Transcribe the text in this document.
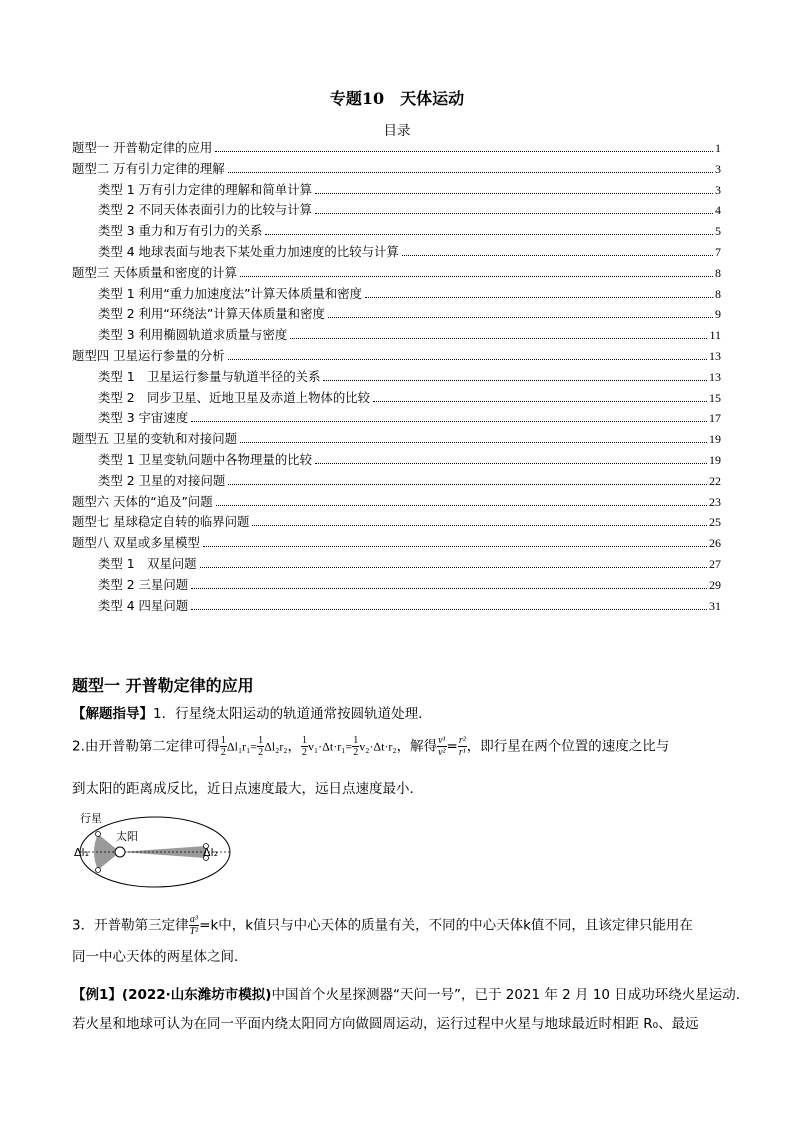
专题10　天体运动
目录
题型一 开普勒定律的应用	1
题型二 万有引力定律的理解	3
类型 1 万有引力定律的理解和简单计算	3
类型 2 不同天体表面引力的比较与计算	4
类型 3 重力和万有引力的关系	5
类型 4 地球表面与地表下某处重力加速度的比较与计算	7
题型三 天体质量和密度的计算	8
类型 1 利用“重力加速度法”计算天体质量和密度	8
类型 2 利用“环绕法”计算天体质量和密度	9
类型 3 利用椭圆轨道求质量与密度	11
题型四 卫星运行参量的分析	13
类型 1　卫星运行参量与轨道半径的关系	13
类型 2　同步卫星、近地卫星及赤道上物体的比较	15
类型 3 宇宙速度	17
题型五 卫星的变轨和对接问题	19
类型 1 卫星变轨问题中各物理量的比较	19
类型 2 卫星的对接问题	22
题型六 天体的“追及”问题	23
题型七 星球稳定自转的临界问题	25
题型八 双星或多星模型	26
类型 1　双星问题	27
类型 2 三星问题	29
类型 4 四星问题	31
题型一 开普勒定律的应用
【解题指导】1．行星绕太阳运动的轨道通常按圆轨道处理．
2.由开普勒第二定律可得 $\frac{1}{2} \Delta l_1r_1= \frac{1}{2} \Delta l_2r_2$， $\frac{1}{2} v_1\cdot\Delta t\cdot r_1= \frac{1}{2} v_2\cdot\Delta t\cdot r_2$，解得 $\frac{\text{v¹}}{\text{v²}} = \frac{\text{r²}}{\text{r¹}}$ ，即行星在两个位置的速度之比与
到太阳的距离成反比，近日点速度最大，远日点速度最小．
行星
太阳
Δl₁	Δl₂
3．开普勒第三定律 $\frac{\text{a³}}{\text{T²}} =k$中，k值只与中心天体的质量有关，不同的中心天体k值不同，且该定律只能用在
同一中心天体的两星体之间．
【例1】(2022·山东潍坊市模拟)中国首个火星探测器“天问一号”，已于 2021 年 2 月 10 日成功环绕火星运动．
若火星和地球可认为在同一平面内绕太阳同方向做圆周运动，运行过程中火星与地球最近时相距 R₀、最远
